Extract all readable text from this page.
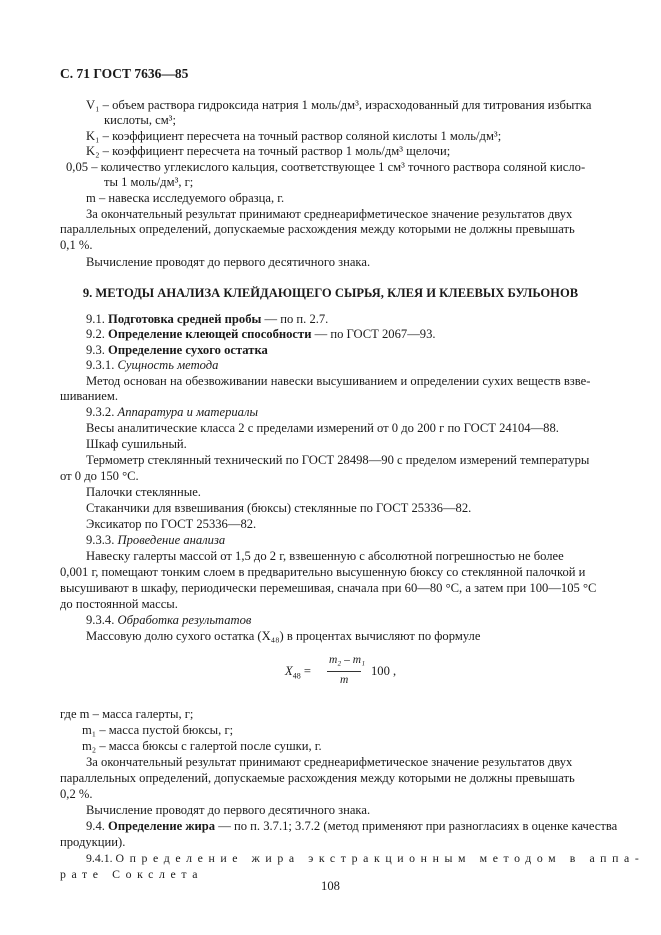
С. 71 ГОСТ 7636—85
V₁ – объем раствора гидроксида натрия 1 моль/дм³, израсходованный для титрования избытка
кислоты, см³;
K₁ – коэффициент пересчета на точный раствор соляной кислоты 1 моль/дм³;
K₂ – коэффициент пересчета на точный раствор 1 моль/дм³ щелочи;
0,05 – количество углекислого кальция, соответствующее 1 см³ точного раствора соляной кисло-
ты 1 моль/дм³, г;
m – навеска исследуемого образца, г.
За окончательный результат принимают среднеарифметическое значение результатов двух
параллельных определений, допускаемые расхождения между которыми не должны превышать
0,1 %.
Вычисление проводят до первого десятичного знака.
9. МЕТОДЫ АНАЛИЗА КЛЕЙДАЮЩЕГО СЫРЬЯ, КЛЕЯ И КЛЕЕВЫХ БУЛЬОНОВ
9.1. Подготовка средней пробы — по п. 2.7.
9.2. Определение клеющей способности — по ГОСТ 2067—93.
9.3. Определение сухого остатка
9.3.1. Сущность метода
Метод основан на обезвоживании навески высушиванием и определении сухих веществ взве-
шиванием.
9.3.2. Аппаратура и материалы
Весы аналитические класса 2 с пределами измерений от 0 до 200 г по ГОСТ 24104—88.
Шкаф сушильный.
Термометр стеклянный технический по ГОСТ 28498—90 с пределом измерений температуры
от 0 до 150 °С.
Палочки стеклянные.
Стаканчики для взвешивания (бюксы) стеклянные по ГОСТ 25336—82.
Эксикатор по ГОСТ 25336—82.
9.3.3. Проведение анализа
Навеску галерты массой от 1,5 до 2 г, взвешенную с абсолютной погрешностью не более
0,001 г, помещают тонким слоем в предварительно высушенную бюксу со стеклянной палочкой и
высушивают в шкафу, периодически перемешивая, сначала при 60—80 °С, а затем при 100—105 °С
до постоянной массы.
9.3.4. Обработка результатов
Массовую долю сухого остатка (X₄₈) в процентах вычисляют по формуле
$X_{48}$ =
m₂ – m₁
m
100 ,
где m – масса галерты, г;
m₁ – масса пустой бюксы, г;
m₂ – масса бюксы с галертой после сушки, г.
За окончательный результат принимают среднеарифметическое значение результатов двух
параллельных определений, допускаемые расхождения между которыми не должны превышать
0,2 %.
Вычисление проводят до первого десятичного знака.
9.4. Определение жира — по п. 3.7.1; 3.7.2 (метод применяют при разногласиях в оценке качества
продукции).
9.4.1. Определение жира экстракционным методом в аппа-
рате Сокслета
108
